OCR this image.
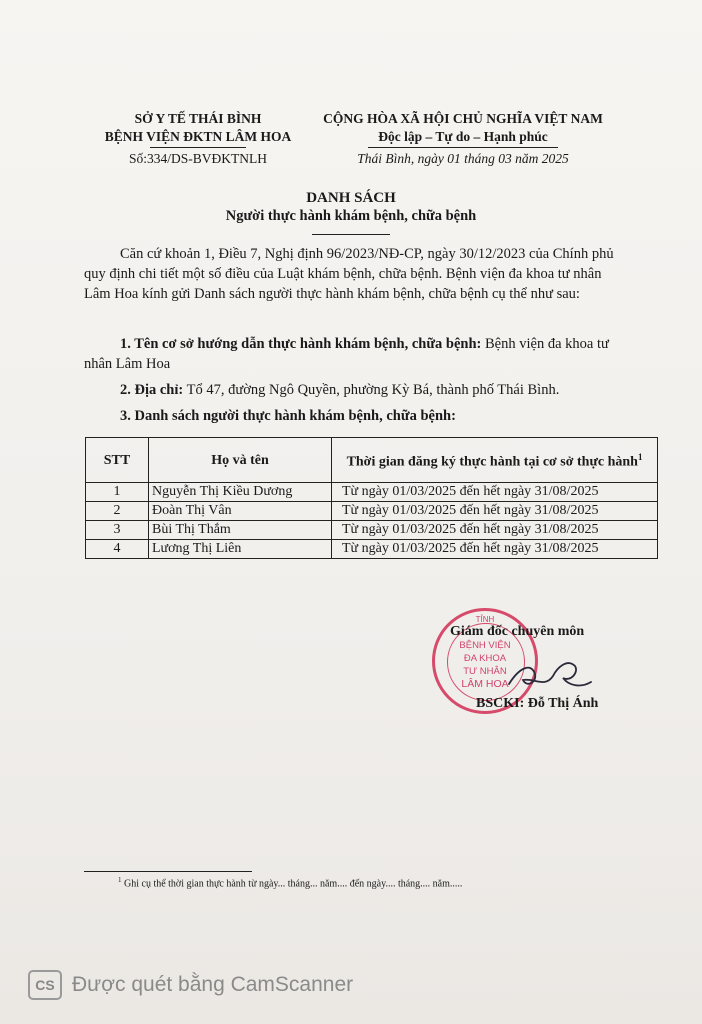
SỞ Y TẾ THÁI BÌNH
BỆNH VIỆN ĐKTN LÂM HOA
Số:334/DS-BVĐKTNLH
CỘNG HÒA XÃ HỘI CHỦ NGHĨA VIỆT NAM
Độc lập – Tự do – Hạnh phúc
Thái Bình, ngày 01 tháng 03 năm 2025
DANH SÁCH
Người thực hành khám bệnh, chữa bệnh
Căn cứ khoản 1, Điều 7, Nghị định 96/2023/NĐ-CP, ngày 30/12/2023 của Chính phủ quy định chi tiết một số điều của Luật khám bệnh, chữa bệnh. Bệnh viện đa khoa tư nhân Lâm Hoa kính gửi Danh sách người thực hành khám bệnh, chữa bệnh cụ thể như sau:
1. Tên cơ sở hướng dẫn thực hành khám bệnh, chữa bệnh: Bệnh viện đa khoa tư nhân Lâm Hoa
2. Địa chỉ: Tổ 47, đường Ngô Quyền, phường Kỳ Bá, thành phố Thái Bình.
3. Danh sách người thực hành khám bệnh, chữa bệnh:
STT	Họ và tên	Thời gian đăng ký thực hành tại cơ sở thực hành$^1$
1	Nguyễn Thị Kiều Dương	Từ ngày 01/03/2025 đến hết ngày 31/08/2025
2	Đoàn Thị Vân	Từ ngày 01/03/2025 đến hết ngày 31/08/2025
3	Bùi Thị Thắm	Từ ngày 01/03/2025 đến hết ngày 31/08/2025
4	Lương Thị Liên	Từ ngày 01/03/2025 đến hết ngày 31/08/2025
TỈNH
BỆNH VIỆN
ĐA KHOA
TƯ NHÂN
LÂM HOA
Giám đốc chuyên môn
BSCKI: Đỗ Thị Ánh
$^1$ Ghi cụ thể thời gian thực hành từ ngày... tháng... năm.... đến ngày.... tháng.... năm.....
CS Được quét bằng CamScanner
